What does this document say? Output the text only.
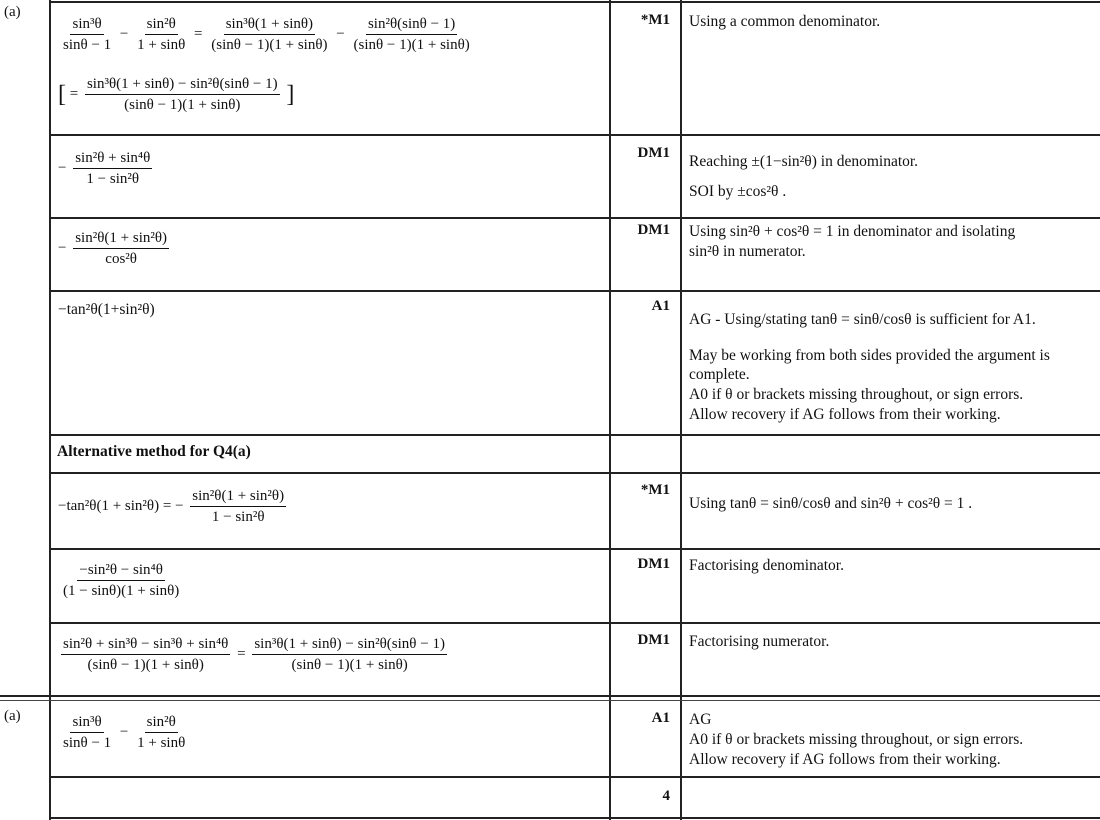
(a)
(a)
$\frac{\text{sin³θ}}{\sin\theta - 1} - \frac{\text{sin²θ}}{1 + \sin\theta} = \frac{\text{sin³θ(1 + sinθ)}}{(\sin\theta - 1)(1 + \sin\theta)} - \frac{\text{sin²θ(sinθ − 1)}}{(\sin\theta - 1)(1 + \sin\theta)}$
[ = $\frac{\text{sin³θ(1 + sinθ) − sin²θ(sinθ − 1)}}{(\sin\theta - 1)(1 + \sin\theta)}$ ]
− $\frac{\text{sin²θ + sin⁴θ}}{\text{1 − sin²θ}}$
− $\frac{\text{sin²θ(1 + sin²θ)}}{\text{cos²θ}}$
−tan²θ(1+sin²θ)
Alternative method for Q4(a)
−tan²θ(1 + sin²θ) = − $\frac{\text{sin²θ(1 + sin²θ)}}{\text{1 − sin²θ}}$
$\frac{\text{−sin²θ − sin⁴θ}}{(1 - \sin\theta)(1 + \sin\theta)}$
$\frac{\text{sin²θ + sin³θ − sin³θ + sin⁴θ}}{(\sin\theta - 1)(1 + \sin\theta)} = \frac{\text{sin³θ(1 + sinθ) − sin²θ(sinθ − 1)}}{(\sin\theta - 1)(1 + \sin\theta)}$
$\frac{\text{sin³θ}}{\sin\theta - 1} - \frac{\text{sin²θ}}{1 + \sin\theta}$
*M1
DM1
DM1
A1
*M1
DM1
DM1
A1
Using a common denominator.
Reaching ±(1−sin²θ) in denominator.
SOI by ±cos²θ .
Using sin²θ + cos²θ = 1 in denominator and isolating
sin²θ in numerator.
AG - Using/stating tanθ = sinθ/cosθ is sufficient for A1.
May be working from both sides provided the argument is complete.
A0 if θ or brackets missing throughout, or sign errors.
Allow recovery if AG follows from their working.
Using tanθ = sinθ/cosθ and sin²θ + cos²θ = 1 .
Factorising denominator.
Factorising numerator.
AG
A0 if θ or brackets missing throughout, or sign errors.
Allow recovery if AG follows from their working.
4
